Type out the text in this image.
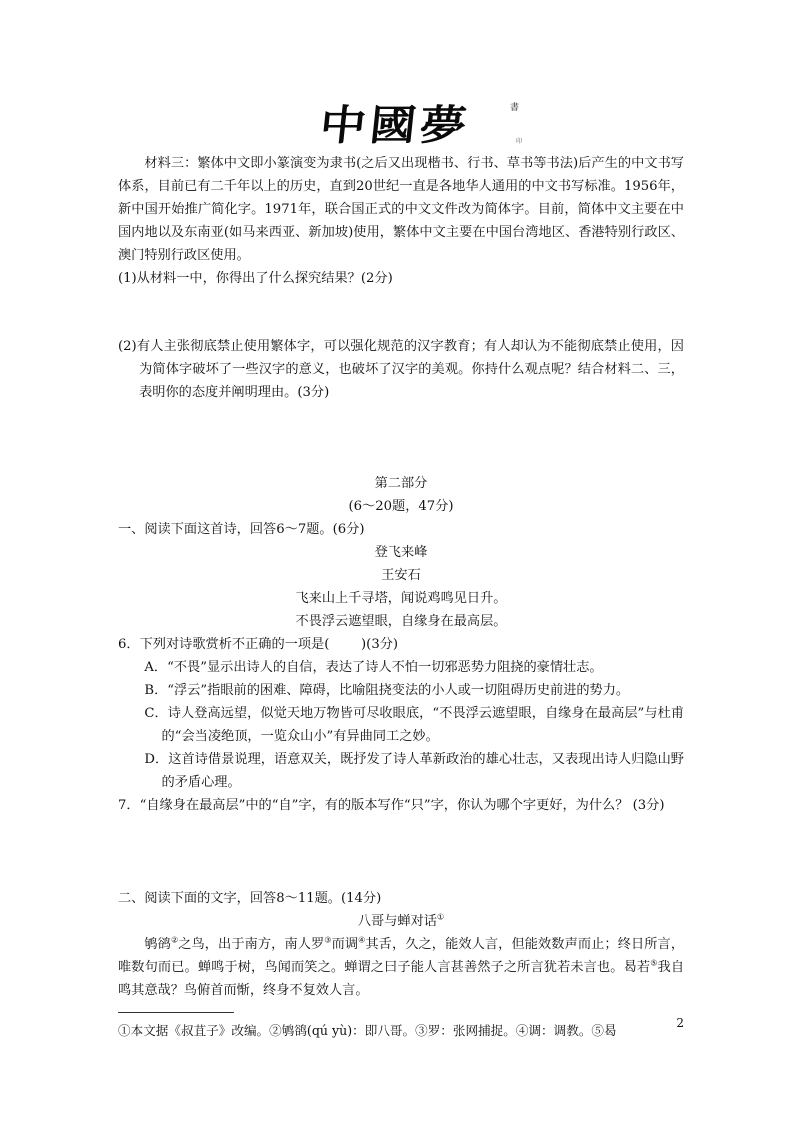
中國夢	書
印

材料三：繁体中文即小篆演变为隶书(之后又出现楷书、行书、草书等书法)后产生的中文书写体系，目前已有二千年以上的历史，直到20世纪一直是各地华人通用的中文书写标准。1956年，新中国开始推广简化字。1971年，联合国正式的中文文件改为简体字。目前，简体中文主要在中国内地以及东南亚(如马来西亚、新加坡)使用，繁体中文主要在中国台湾地区、香港特别行政区、澳门特别行政区使用。

(1)从材料一中，你得出了什么探究结果？(2分)

(2)有人主张彻底禁止使用繁体字，可以强化规范的汉字教育；有人却认为不能彻底禁止使用，因为简体字破坏了一些汉字的意义，也破坏了汉字的美观。你持什么观点呢？结合材料二、三，表明你的态度并阐明理由。(3分)

第二部分

(6～20题，47分)

一、阅读下面这首诗，回答6～7题。(6分)

登飞来峰

王安石

飞来山上千寻塔，闻说鸡鸣见日升。

不畏浮云遮望眼，自缘身在最高层。

6．下列对诗歌赏析不正确的一项是( )(3分)

A．“不畏”显示出诗人的自信，表达了诗人不怕一切邪恶势力阻挠的豪情壮志。

B．“浮云”指眼前的困难、障碍，比喻阻挠变法的小人或一切阻碍历史前进的势力。

C．诗人登高远望，似觉天地万物皆可尽收眼底，“不畏浮云遮望眼，自缘身在最高层”与杜甫的“会当凌绝顶，一览众山小”有异曲同工之妙。

D．这首诗借景说理，语意双关，既抒发了诗人革新政治的雄心壮志，又表现出诗人归隐山野的矛盾心理。

7．“自缘身在最高层”中的“自”字，有的版本写作“只”字，你认为哪个字更好，为什么？ (3分)

二、阅读下面的文字，回答8～11题。(14分)

八哥与蝉对话①

鸲鹆②之鸟，出于南方，南人罗③而调④其舌，久之，能效人言，但能效数声而止；终日所言，唯数句而已。蝉鸣于树，鸟闻而笑之。蝉谓之曰子能人言甚善然子之所言犹若未言也。曷若⑤我自鸣其意哉？鸟俯首而惭，终身不复效人言。

①本文据《叔苴子》改编。②鸲鹆(qú yù)：即八哥。③罗：张网捕捉。④调：调教。⑤曷	2
